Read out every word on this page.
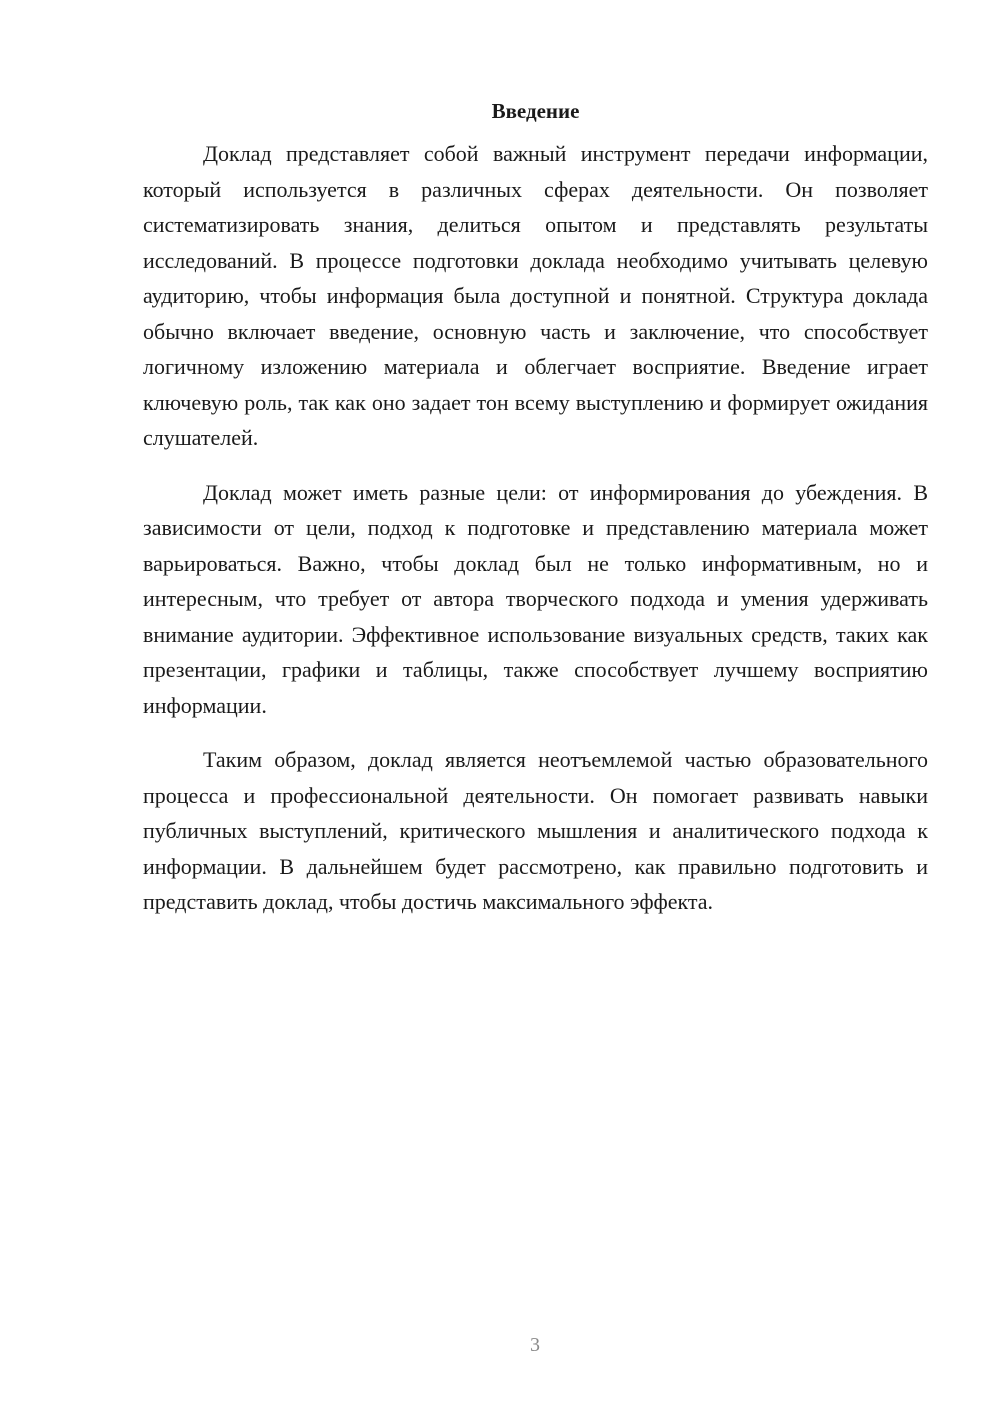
Введение

Доклад представляет собой важный инструмент передачи информации, который используется в различных сферах деятельности. Он позволяет систематизировать знания, делиться опытом и представлять результаты исследований. В процессе подготовки доклада необходимо учитывать целевую аудиторию, чтобы информация была доступной и понятной. Структура доклада обычно включает введение, основную часть и заключение, что способствует логичному изложению материала и облегчает восприятие. Введение играет ключевую роль, так как оно задает тон всему выступлению и формирует ожидания слушателей.

Доклад может иметь разные цели: от информирования до убеждения. В зависимости от цели, подход к подготовке и представлению материала может варьироваться. Важно, чтобы доклад был не только информативным, но и интересным, что требует от автора творческого подхода и умения удерживать внимание аудитории. Эффективное использование визуальных средств, таких как презентации, графики и таблицы, также способствует лучшему восприятию информации.

Таким образом, доклад является неотъемлемой частью образовательного процесса и профессиональной деятельности. Он помогает развивать навыки публичных выступлений, критического мышления и аналитического подхода к информации. В дальнейшем будет рассмотрено, как правильно подготовить и представить доклад, чтобы достичь максимального эффекта.

3
